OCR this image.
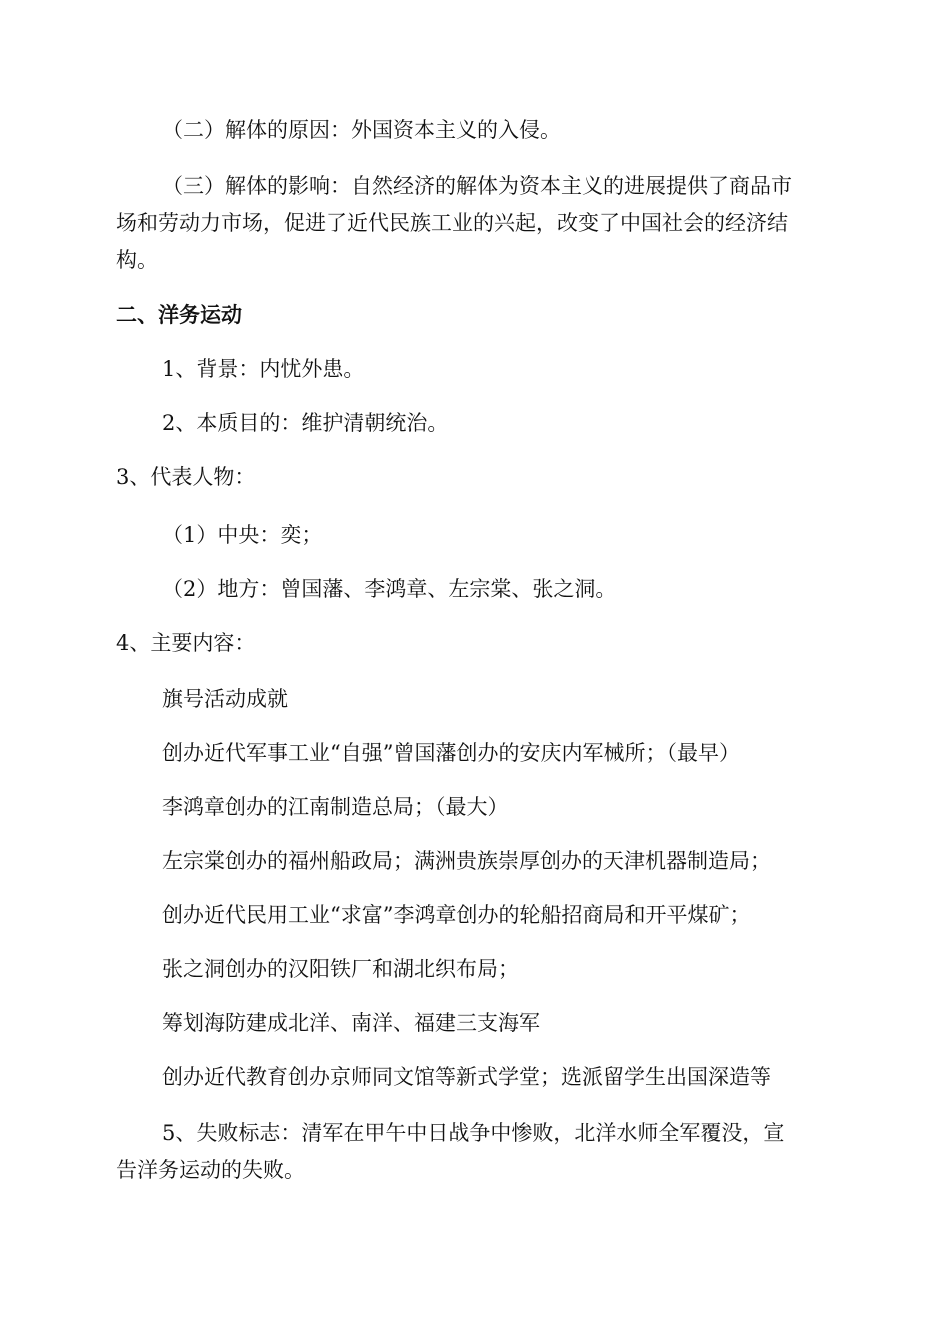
（二）解体的原因：外国资本主义的入侵。
（三）解体的影响：自然经济的解体为资本主义的进展提供了商品市
场和劳动力市场，促进了近代民族工业的兴起，改变了中国社会的经济结
构。
二、洋务运动
1、背景：内忧外患。
2、本质目的：维护清朝统治。
3、代表人物：
（1）中央：奕；
（2）地方：曾国藩、李鸿章、左宗棠、张之洞。
4、主要内容：
旗号活动成就
创办近代军事工业“自强”曾国藩创办的安庆内军械所；（最早）
李鸿章创办的江南制造总局；（最大）
左宗棠创办的福州船政局；满洲贵族崇厚创办的天津机器制造局；
创办近代民用工业“求富”李鸿章创办的轮船招商局和开平煤矿；
张之洞创办的汉阳铁厂和湖北织布局；
筹划海防建成北洋、南洋、福建三支海军
创办近代教育创办京师同文馆等新式学堂；选派留学生出国深造等
5、失败标志：清军在甲午中日战争中惨败，北洋水师全军覆没，宣
告洋务运动的失败。
